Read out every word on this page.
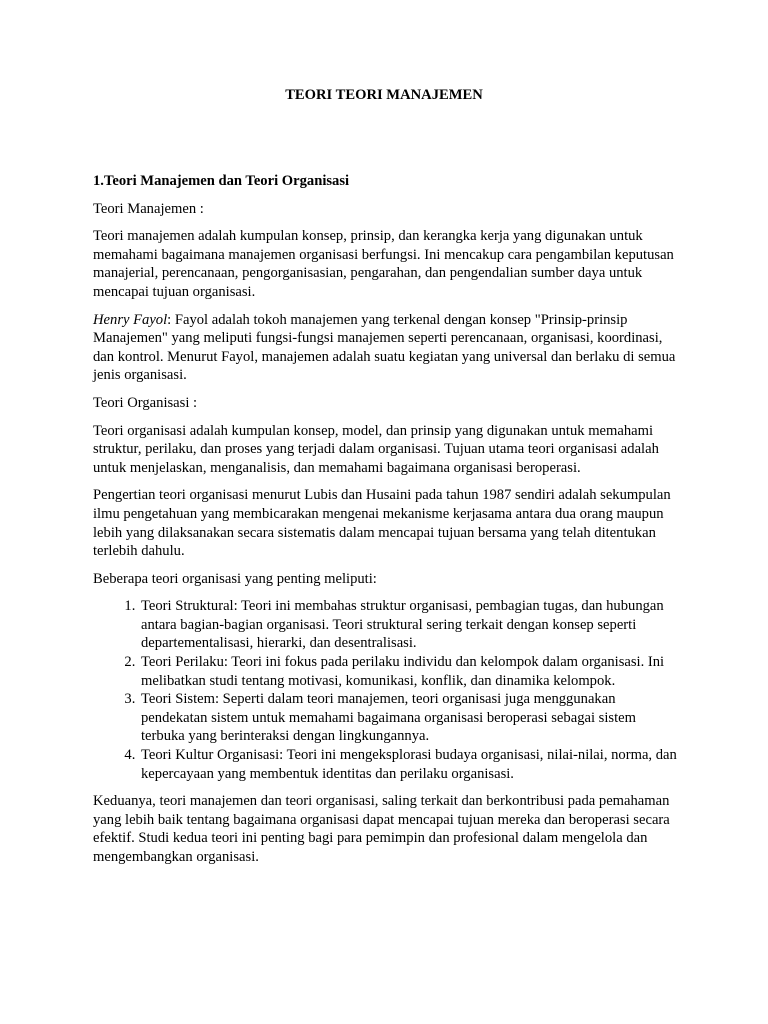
TEORI TEORI MANAJEMEN
1.Teori Manajemen dan Teori Organisasi

Teori Manajemen :

Teori manajemen adalah kumpulan konsep, prinsip, dan kerangka kerja yang digunakan untuk memahami bagaimana manajemen organisasi berfungsi. Ini mencakup cara pengambilan keputusan manajerial, perencanaan, pengorganisasian, pengarahan, dan pengendalian sumber daya untuk mencapai tujuan organisasi.

Henry Fayol: Fayol adalah tokoh manajemen yang terkenal dengan konsep "Prinsip-prinsip Manajemen" yang meliputi fungsi-fungsi manajemen seperti perencanaan, organisasi, koordinasi, dan kontrol. Menurut Fayol, manajemen adalah suatu kegiatan yang universal dan berlaku di semua jenis organisasi.

Teori Organisasi :

Teori organisasi adalah kumpulan konsep, model, dan prinsip yang digunakan untuk memahami struktur, perilaku, dan proses yang terjadi dalam organisasi. Tujuan utama teori organisasi adalah untuk menjelaskan, menganalisis, dan memahami bagaimana organisasi beroperasi.

Pengertian teori organisasi menurut Lubis dan Husaini pada tahun 1987 sendiri adalah sekumpulan ilmu pengetahuan yang membicarakan mengenai mekanisme kerjasama antara dua orang maupun lebih yang dilaksanakan secara sistematis dalam mencapai tujuan bersama yang telah ditentukan terlebih dahulu.

Beberapa teori organisasi yang penting meliputi:

1. Teori Struktural: Teori ini membahas struktur organisasi, pembagian tugas, dan hubungan antara bagian-bagian organisasi. Teori struktural sering terkait dengan konsep seperti departementalisasi, hierarki, dan desentralisasi.
2. Teori Perilaku: Teori ini fokus pada perilaku individu dan kelompok dalam organisasi. Ini melibatkan studi tentang motivasi, komunikasi, konflik, dan dinamika kelompok.
3. Teori Sistem: Seperti dalam teori manajemen, teori organisasi juga menggunakan pendekatan sistem untuk memahami bagaimana organisasi beroperasi sebagai sistem terbuka yang berinteraksi dengan lingkungannya.
4. Teori Kultur Organisasi: Teori ini mengeksplorasi budaya organisasi, nilai-nilai, norma, dan kepercayaan yang membentuk identitas dan perilaku organisasi.

Keduanya, teori manajemen dan teori organisasi, saling terkait dan berkontribusi pada pemahaman yang lebih baik tentang bagaimana organisasi dapat mencapai tujuan mereka dan beroperasi secara efektif. Studi kedua teori ini penting bagi para pemimpin dan profesional dalam mengelola dan mengembangkan organisasi.
